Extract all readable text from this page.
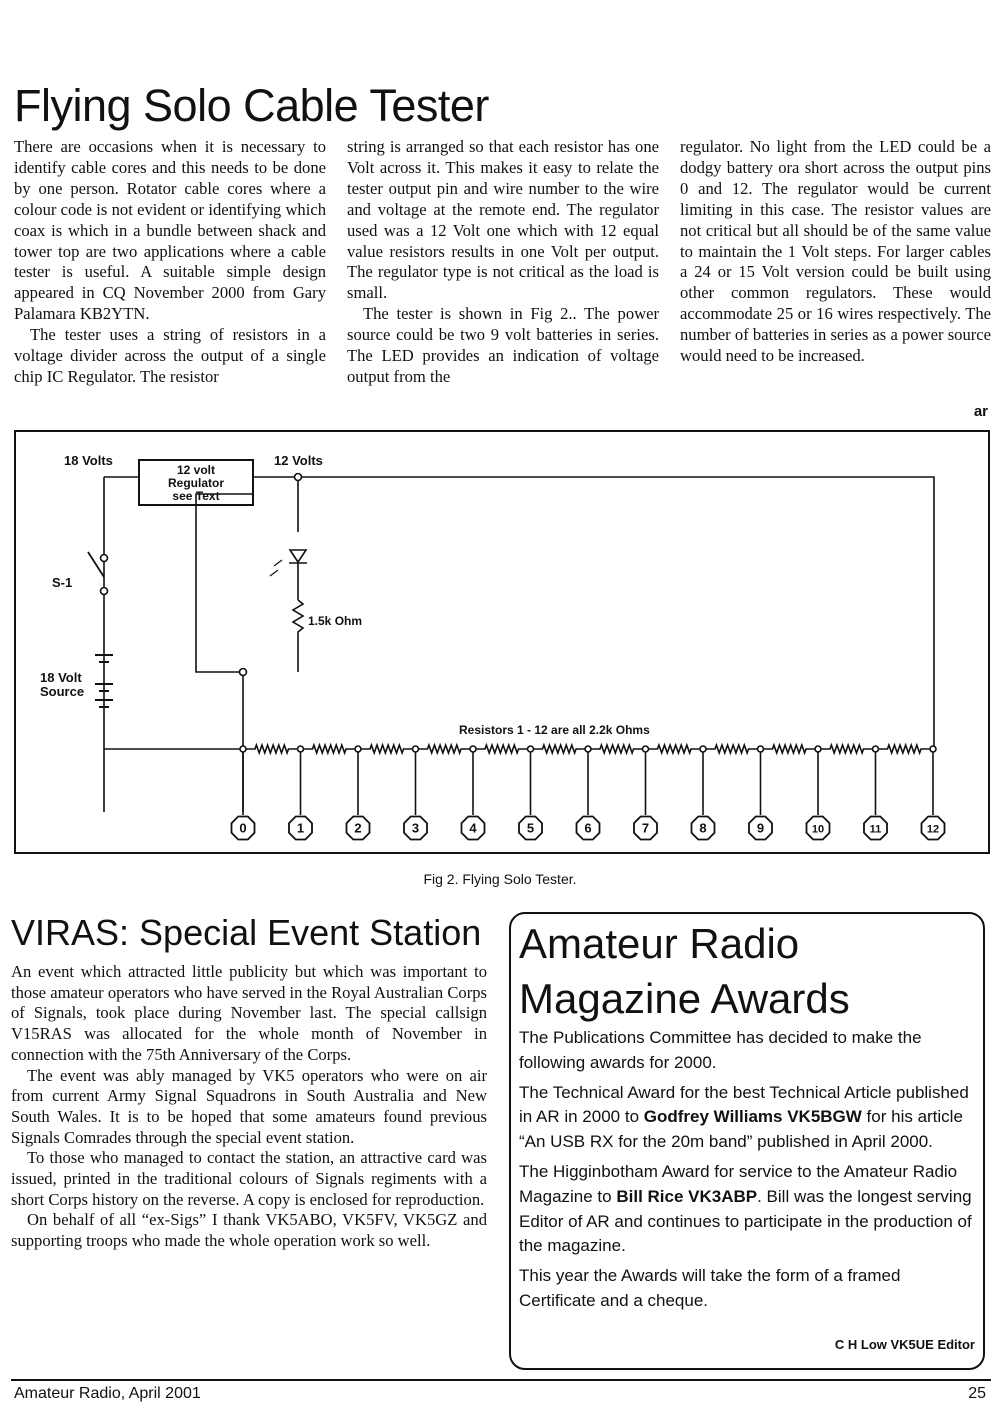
Flying Solo Cable Tester

There are occasions when it is necessary to identify cable cores and this needs to be done by one person. Rotator cable cores where a colour code is not evident or identifying which coax is which in a bundle between shack and tower top are two applications where a cable tester is useful. A suitable simple design appeared in CQ November 2000 from Gary Palamara KB2YTN.

The tester uses a string of resistors in a voltage divider across the output of a single chip IC Regulator. The resistor

string is arranged so that each resistor has one Volt across it. This makes it easy to relate the tester output pin and wire number to the wire and voltage at the remote end. The regulator used was a 12 Volt one which with 12 equal value resistors results in one Volt per output. The regulator type is not critical as the load is small.

The tester is shown in Fig 2.. The power source could be two 9 volt batteries in series. The LED provides an indication of voltage output from the

regulator. No light from the LED could be a dodgy battery ora short across the output pins 0 and 12. The regulator would be current limiting in this case. The resistor values are not critical but all should be of the same value to maintain the 1 Volt steps. For larger cables a 24 or 15 Volt version could be built using other common regulators. These would accommodate 25 or 16 wires respectively. The number of batteries in series as a power source would need to be increased.

ar
0	1	2	3	4	5	6	7	8	9	10	11	12
18 Volts	12 Volts
12 volt
Regulator
see Text
S-1
18 Volt
Source
1.5k Ohm
Resistors 1 - 12 are all 2.2k Ohms
Fig 2. Flying Solo Tester.
VIRAS: Special Event Station

An event which attracted little publicity but which was important to those amateur operators who have served in the Royal Australian Corps of Signals, took place during November last. The special callsign V15RAS was allocated for the whole month of November in connection with the 75th Anniversary of the Corps.

The event was ably managed by VK5 operators who were on air from current Army Signal Squadrons in South Australia and New South Wales. It is to be hoped that some amateurs found previous Signals Comrades through the special event station.

To those who managed to contact the station, an attractive card was issued, printed in the traditional colours of Signals regiments with a short Corps history on the reverse. A copy is enclosed for reproduction.

On behalf of all “ex-Sigs” I thank VK5ABO, VK5FV, VK5GZ and supporting troops who made the whole operation work so well.

Amateur Radio
Magazine Awards

The Publications Committee has decided to make the following awards for 2000.

The Technical Award for the best Technical Article published in AR in 2000 to Godfrey Williams VK5BGW for his article “An USB RX for the 20m band” published in April 2000.

The Higginbotham Award for service to the Amateur Radio Magazine to Bill Rice VK3ABP. Bill was the longest serving Editor of AR and continues to participate in the production of the magazine.

This year the Awards will take the form of a framed Certificate and a cheque.

C H Low VK5UE Editor

Amateur Radio, April 2001	25
